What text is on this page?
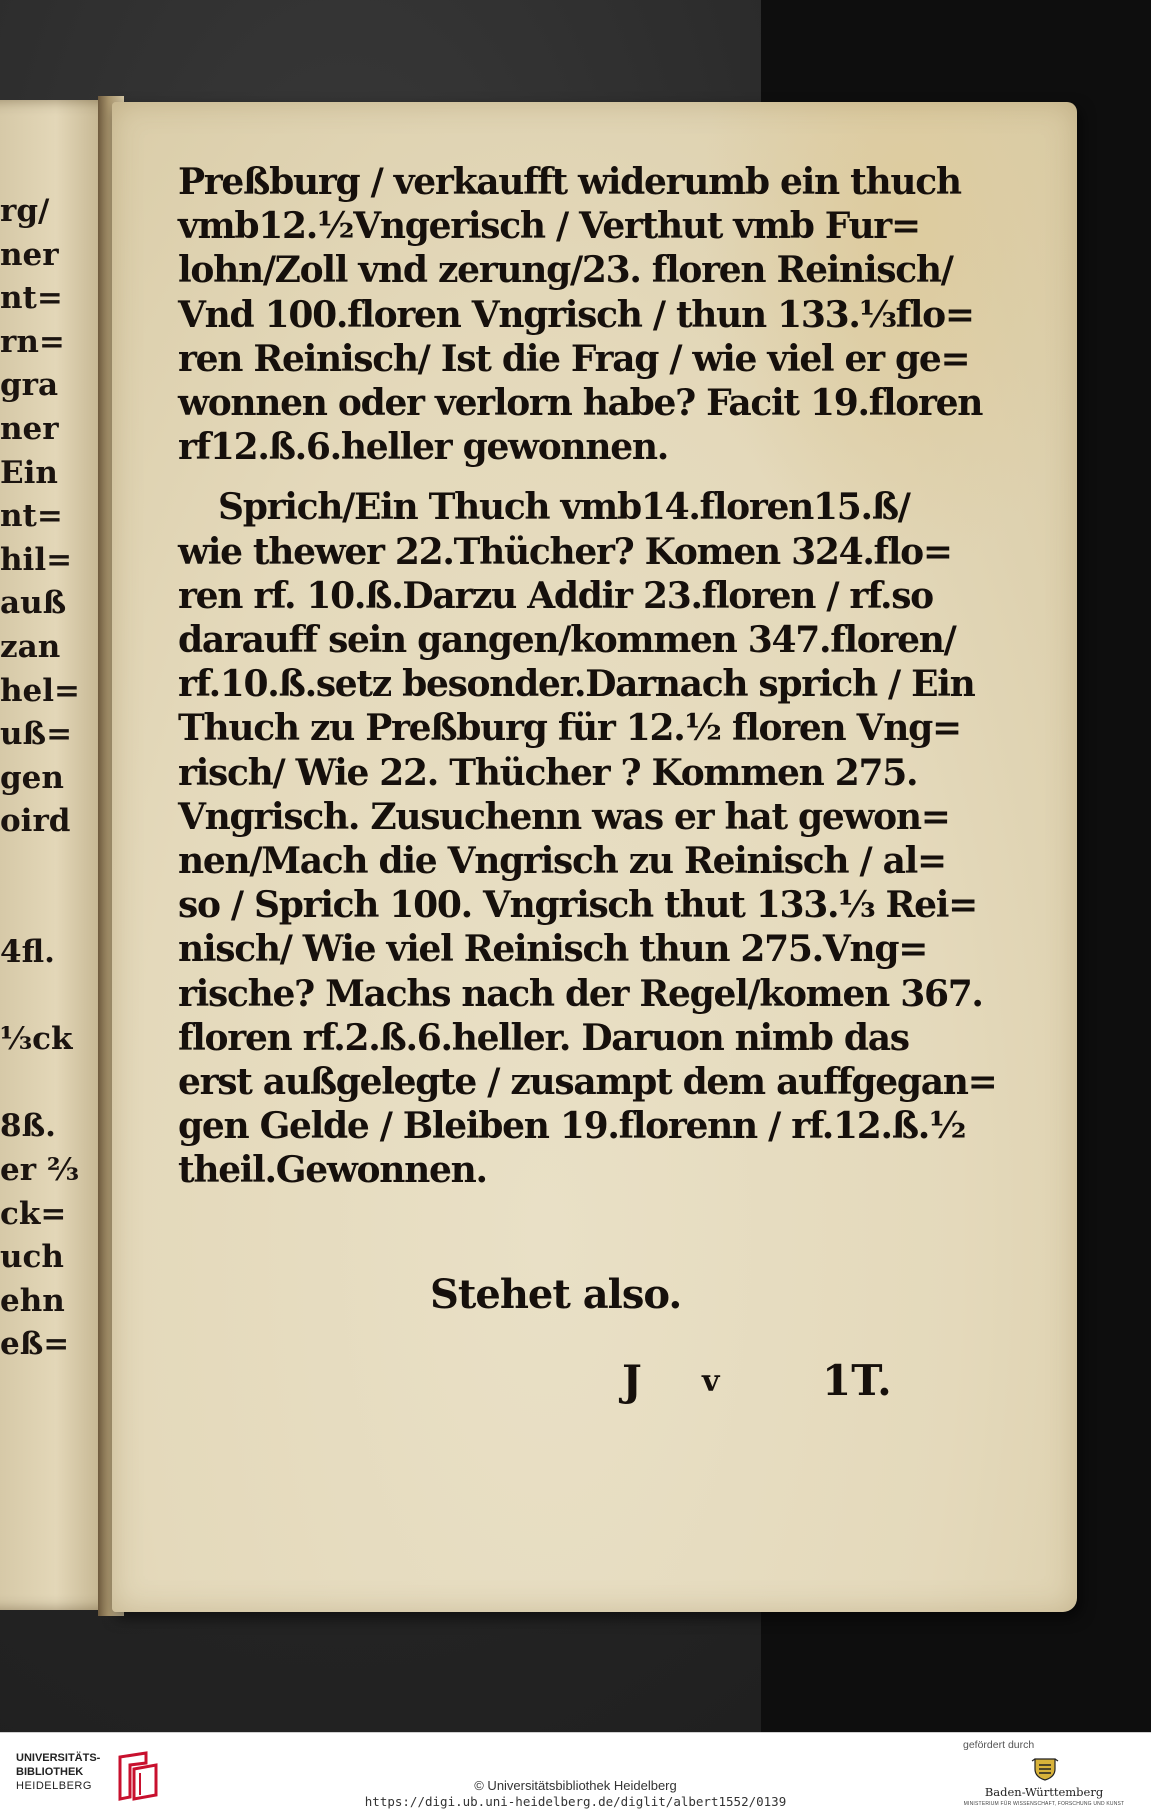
rg/
ner
nt=
rn=
gra
ner
Ein
nt=
hil=
auß
zan
hel=
uß=
gen
oird
4fl.
⅓ck
8ß.
er ⅔
ck=
uch
ehn
eß=
Preßburg / verkaufft widerumb ein thuch
vmb12.½Vngerisch / Verthut vmb Fur=
lohn/Zoll vnd zerung/23. floren Reinisch/
Vnd 100.floren Vngrisch / thun 133.⅓flo=
ren Reinisch/ Ist die Frag / wie viel er ge=
wonnen oder verlorn habe? Facit 19.floren
rf12.ß.6.heller gewonnen.
Sprich/Ein Thuch vmb14.floren15.ß/
wie thewer 22.Thücher? Komen 324.flo=
ren rf. 10.ß.Darzu Addir 23.floren / rf.so
darauff sein gangen/kommen 347.floren/
rf.10.ß.setz besonder.Darnach sprich / Ein
Thuch zu Preßburg für 12.½ floren Vng=
risch/ Wie 22. Thücher ? Kommen 275.
Vngrisch. Zusuchenn was er hat gewon=
nen/Mach die Vngrisch zu Reinisch / al=
so / Sprich 100. Vngrisch thut 133.⅓ Rei=
nisch/ Wie viel Reinisch thun 275.Vng=
rische? Machs nach der Regel/komen 367.
floren rf.2.ß.6.heller. Daruon nimb das
erst außgelegte / zusampt dem auffgegan=
gen Gelde / Bleiben 19.florenn / rf.12.ß.½
theil.Gewonnen.
Stehet also.
J v 1T.
UNIVERSITÄTS-
BIBLIOTHEK
HEIDELBERG	© Universitätsbibliothek Heidelberg
https://digi.ub.uni-heidelberg.de/diglit/albert1552/0139
gefördert durch
Baden-Württemberg
MINISTERIUM FÜR WISSENSCHAFT, FORSCHUNG UND KUNST
